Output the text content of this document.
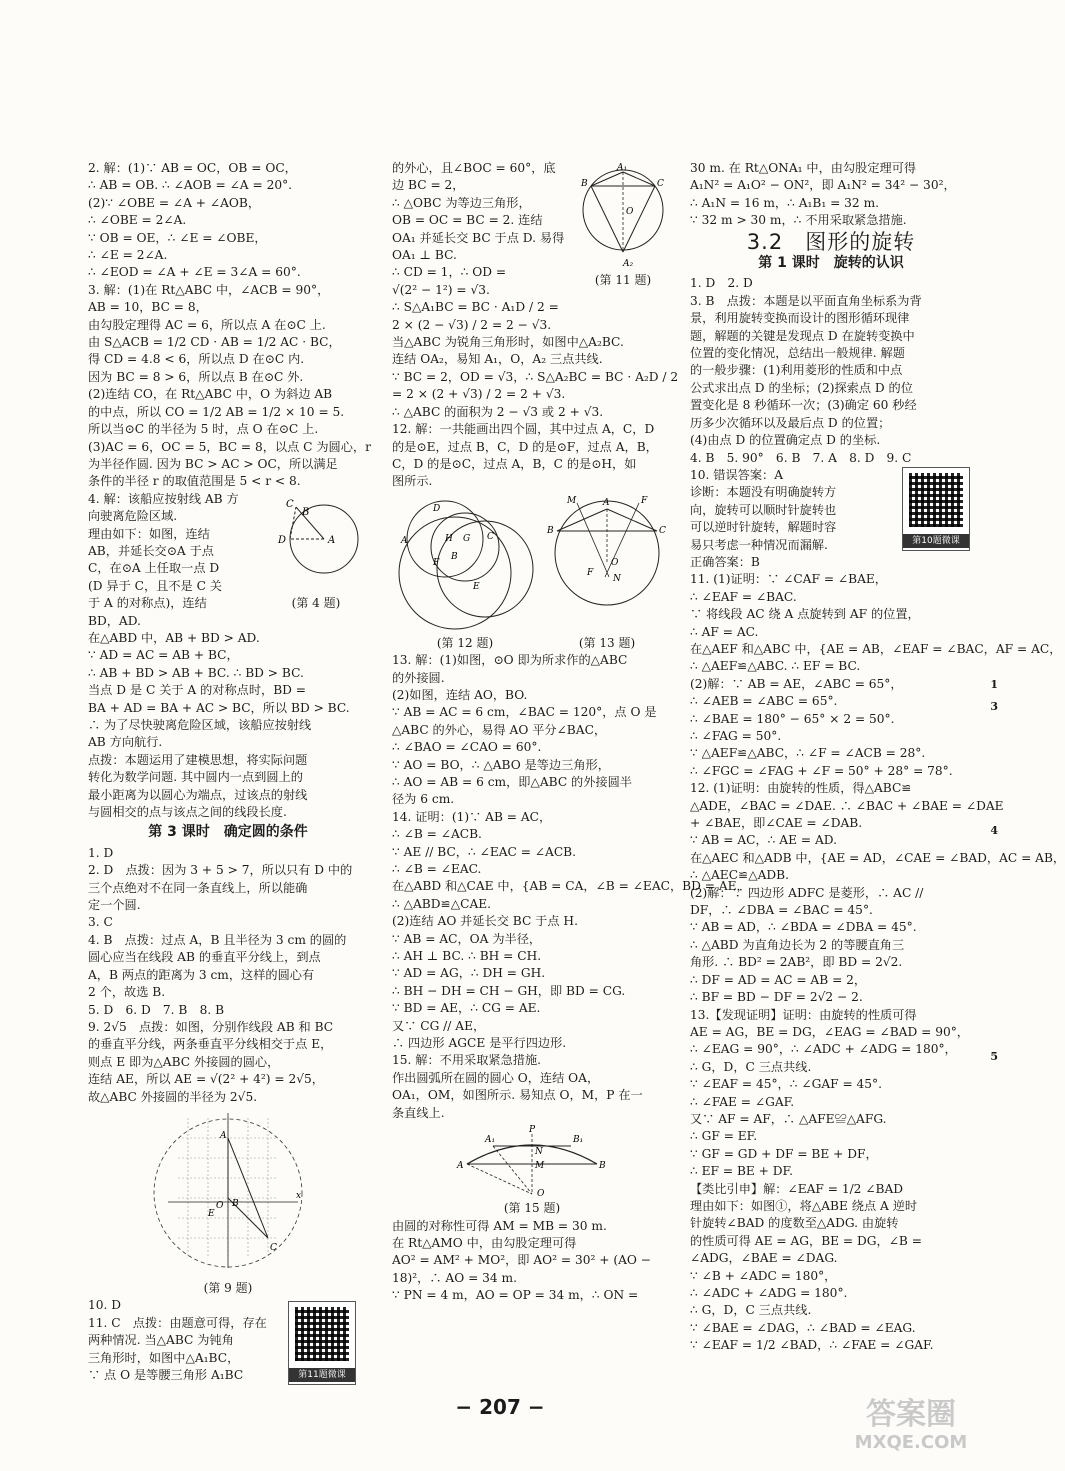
2. 解：(1)∵ AB = OC，OB = OC，
∴ AB = OB. ∴ ∠AOB = ∠A = 20°.
(2)∵ ∠OBE = ∠A + ∠AOB，
∴ ∠OBE = 2∠A.
∵ OB = OE，∴ ∠E = ∠OBE，
∴ ∠E = 2∠A.
∴ ∠EOD = ∠A + ∠E = 3∠A = 60°.
3. 解：(1)在 Rt△ABC 中，∠ACB = 90°，
AB = 10，BC = 8，
由勾股定理得 AC = 6，所以点 A 在⊙C 上.
由 S△ACB = 1/2 CD · AB = 1/2 AC · BC，
得 CD = 4.8 < 6，所以点 D 在⊙C 内.
因为 BC = 8 > 6，所以点 B 在⊙C 外.
(2)连结 CO，在 Rt△ABC 中，O 为斜边 AB
的中点，所以 CO = 1/2 AB = 1/2 × 10 = 5.
所以当⊙C 的半径为 5 时，点 O 在⊙C 上.
(3)AC = 6，OC = 5，BC = 8，以点 C 为圆心，r
为半径作圆. 因为 BC > AC > OC，所以满足
条件的半径 r 的取值范围是 5 < r < 8.
4. 解：该船应按射线 AB 方
向驶离危险区域.
理由如下：如图，连结
AB，并延长交⊙A 于点
C，在⊙A 上任取一点 D
(D 异于 C，且不是 C 关
于 A 的对称点)，连结
BD，AD.
在△ABD 中，AB + BD > AD.
∵ AD = AC = AB + BC，
∴ AB + BD > AB + BC. ∴ BD > BC.
当点 D 是 C 关于 A 的对称点时，BD =
BA + AD = BA + AC > BC，所以 BD > BC.
∴ 为了尽快驶离危险区域，该船应按射线
AB 方向航行.
点拨：本题运用了建模思想，将实际问题
转化为数学问题. 其中圆内一点到圆上的
最小距离为以圆心为端点，过该点的射线
与圆相交的点与该点之间的线段长度.
C
B
D	A
(第 4 题)
第 3 课时　确定圆的条件
1. D
2. D　点拨：因为 3 + 5 > 7，所以只有 D 中的
三个点绝对不在同一条直线上，所以能确
定一个圆.
3. C
4. B　点拨：过点 A，B 且半径为 3 cm 的圆的
圆心应当在线段 AB 的垂直平分线上，到点
A，B 两点的距离为 3 cm，这样的圆心有
2 个，故选 B.
5. D　6. D　7. B　8. B
9. 2√5　点拨：如图，分别作线段 AB 和 BC
的垂直平分线，两条垂直平分线相交于点 E，
则点 E 即为△ABC 外接圆的圆心，
连结 AE，所以 AE = √(2² + 4²) = 2√5，
故△ABC 外接圆的半径为 2√5.
A
B
C
O
E
x
(第 9 题)
10. D
11. C　点拨：由题意可得，存在
两种情况. 当△ABC 为钝角
三角形时，如图中△A₁BC，
∵ 点 O 是等腰三角形 A₁BC	第11题微课
的外心，且∠BOC = 60°，底
边 BC = 2，
∴ △OBC 为等边三角形，
OB = OC = BC = 2. 连结
OA₁ 并延长交 BC 于点 D. 易得
OA₁ ⊥ BC.
∴ CD = 1，∴ OD =
√(2² − 1²) = √3.
∴ S△A₁BC = BC · A₁D / 2 =
2 × (2 − √3) / 2 = 2 − √3.
当△ABC 为锐角三角形时，如图中△A₂BC.
连结 OA₂，易知 A₁，O，A₂ 三点共线.
∵ BC = 2，OD = √3，∴ S△A₂BC = BC · A₂D / 2
= 2 × (2 + √3) / 2 = 2 + √3.
∴ △ABC 的面积为 2 − √3 或 2 + √3.
A₁
B	C
O
A₂
(第 11 题)
12. 解：一共能画出四个圆，其中过点 A，C，D
的是⊙E，过点 B，C，D 的是⊙F，过点 A，B，
C，D 的是⊙C，过点 A，B，C 的是⊙H，如
图所示.
A
D
H G C
B
F
E
(第 12 题)
A
B	C
M	F
O
F
N
(第 13 题)
13. 解：(1)如图，⊙O 即为所求作的△ABC
的外接圆.
(2)如图，连结 AO，BO.
∵ AB = AC = 6 cm，∠BAC = 120°，点 O 是
△ABC 的外心，易得 AO 平分∠BAC，
∴ ∠BAO = ∠CAO = 60°.
∵ AO = BO，∴ △ABO 是等边三角形，
∴ AO = AB = 6 cm，即△ABC 的外接圆半
径为 6 cm.
14. 证明：(1)∵ AB = AC，
∴ ∠B = ∠ACB.
∵ AE // BC，∴ ∠EAC = ∠ACB.
∴ ∠B = ∠EAC.
在△ABD 和△CAE 中，{AB = CA，∠B = ∠EAC，BD = AE，
∴ △ABD≌△CAE.
(2)连结 AO 并延长交 BC 于点 H.
∵ AB = AC，OA 为半径，
∴ AH ⊥ BC. ∴ BH = CH.
∵ AD = AG，∴ DH = GH.
∴ BH − DH = CH − GH，即 BD = CG.
∵ BD = AE，∴ CG = AE.
又∵ CG // AE，
∴ 四边形 AGCE 是平行四边形.
15. 解：不用采取紧急措施.
作出圆弧所在圆的圆心 O，连结 OA，
OA₁，OM，如图所示. 易知点 O，M，P 在一
条直线上.
A₁
P
B₁
N
M
A	B
O
(第 15 题)
由圆的对称性可得 AM = MB = 30 m.
在 Rt△AMO 中，由勾股定理可得
AO² = AM² + MO²，即 AO² = 30² + (AO −
18)²，∴ AO = 34 m.
∵ PN = 4 m，AO = OP = 34 m，∴ ON =
30 m. 在 Rt△ONA₁ 中，由勾股定理可得
A₁N² = A₁O² − ON²，即 A₁N² = 34² − 30²，
∴ A₁N = 16 m，∴ A₁B₁ = 32 m.
∵ 32 m > 30 m，∴ 不用采取紧急措施.
3.2　图形的旋转
第 1 课时　旋转的认识
1. D　2. D
3. B　点拨：本题是以平面直角坐标系为背
景，利用旋转变换而设计的图形循环现律
题，解题的关键是发现点 D 在旋转变换中
位置的变化情况，总结出一般规律. 解题
的一般步骤：(1)利用菱形的性质和中点
公式求出点 D 的坐标；(2)探索点 D 的位
置变化是 8 秒循环一次；(3)确定 60 秒经
历多少次循环以及最后点 D 的位置；
(4)由点 D 的位置确定点 D 的坐标.
4. B　5. 90°　6. B　7. A　8. D　9. C
10. 错误答案：A
诊断：本题没有明确旋转方
向，旋转可以顺时针旋转也
可以逆时针旋转，解题时容
易只考虑一种情况而漏解.
正确答案：B
第10题微课
11. (1)证明：∵ ∠CAF = ∠BAE，
∴ ∠EAF = ∠BAC.
∵ 将线段 AC 绕 A 点旋转到 AF 的位置，
∴ AF = AC.
在△AEF 和△ABC 中，{AE = AB，∠EAF = ∠BAC，AF = AC，
∴ △AEF≌△ABC. ∴ EF = BC.
(2)解：∵ AB = AE，∠ABC = 65°，
∴ ∠AEB = ∠ABC = 65°.
∴ ∠BAE = 180° − 65° × 2 = 50°.
∴ ∠FAG = 50°.
∵ △AEF≌△ABC，∴ ∠F = ∠ACB = 28°.
∴ ∠FGC = ∠FAG + ∠F = 50° + 28° = 78°.
12. (1)证明：由旋转的性质，得△ABC≌
△ADE，∠BAC = ∠DAE. ∴ ∠BAC + ∠BAE = ∠DAE
+ ∠BAE，即∠CAE = ∠DAB.
∵ AB = AC，∴ AE = AD.
在△AEC 和△ADB 中，{AE = AD，∠CAE = ∠BAD，AC = AB，
∴ △AEC≌△ADB.
(2)解：∵ 四边形 ADFC 是菱形，∴ AC //
DF，∴ ∠DBA = ∠BAC = 45°.
∵ AB = AD，∴ ∠BDA = ∠DBA = 45°.
∴ △ABD 为直角边长为 2 的等腰直角三
角形. ∴ BD² = 2AB²，即 BD = 2√2.
∴ DF = AD = AC = AB = 2，
∴ BF = BD − DF = 2√2 − 2.
13.【发现证明】证明：由旋转的性质可得
AE = AG，BE = DG，∠EAG = ∠BAD = 90°，
∴ ∠EAG = 90°，∴ ∠ADC + ∠ADG = 180°，
∴ G，D，C 三点共线.
∵ ∠EAF = 45°，∴ ∠GAF = 45°.
∴ ∠FAE = ∠GAF.
又∵ AF = AF，∴ △AFE≌△AFG.
∴ GF = EF.
∵ GF = GD + DF = BE + DF，
∴ EF = BE + DF.
【类比引申】解：∠EAF = 1/2 ∠BAD
理由如下：如图①，将△ABE 绕点 A 逆时
针旋转∠BAD 的度数至△ADG. 由旋转
的性质可得 AE = AG，BE = DG，∠B =
∠ADG，∠BAE = ∠DAG.
∵ ∠B + ∠ADC = 180°，
∴ ∠ADC + ∠ADG = 180°.
∴ G，D，C 三点共线.
∵ ∠BAE = ∠DAG，∴ ∠BAD = ∠EAG.
∵ ∠EAF = 1/2 ∠BAD，∴ ∠FAE = ∠GAF.
1
3
4
5
− 207 −	答案圈
MXQE.COM
